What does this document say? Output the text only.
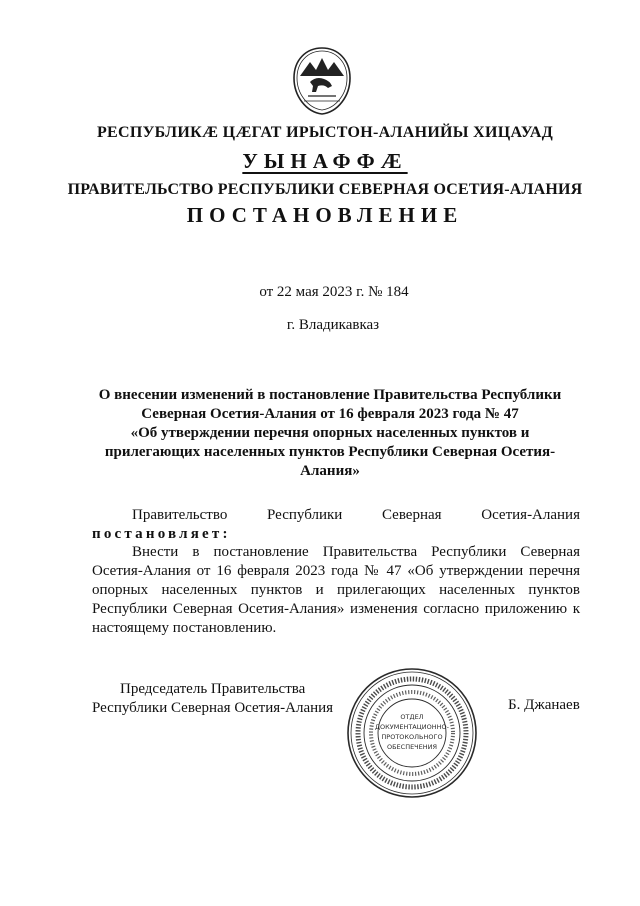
РЕСПУБЛИКӔ ЦӔГАТ ИРЫСТОН-АЛАНИЙЫ ХИЦАУАД
УЫНАФФӔ
ПРАВИТЕЛЬСТВО РЕСПУБЛИКИ СЕВЕРНАЯ ОСЕТИЯ-АЛАНИЯ
ПОСТАНОВЛЕНИЕ
от 22 мая 2023 г. № 184
г. Владикавказ
О внесении изменений в постановление Правительства Республики
Северная Осетия-Алания от 16 февраля 2023 года № 47
«Об утверждении перечня опорных населенных пунктов и
прилегающих населенных пунктов Республики Северная Осетия-
Алания»
Правительство	Республики	Северная	Осетия-Алания
постановляет:
Внести в постановление Правительства Республики Северная Осетия-Алания от 16 февраля 2023 года № 47 «Об утверждении перечня опорных населенных пунктов и прилегающих населенных пунктов Республики Северная Осетия-Алания» изменения согласно приложению к настоящему постановлению.
Председатель Правительства
Республики Северная Осетия-Алания
ОТДЕЛ
ДОКУМЕНТАЦИОННО-
ПРОТОКОЛЬНОГО
ОБЕСПЕЧЕНИЯ
Б. Джанаев
